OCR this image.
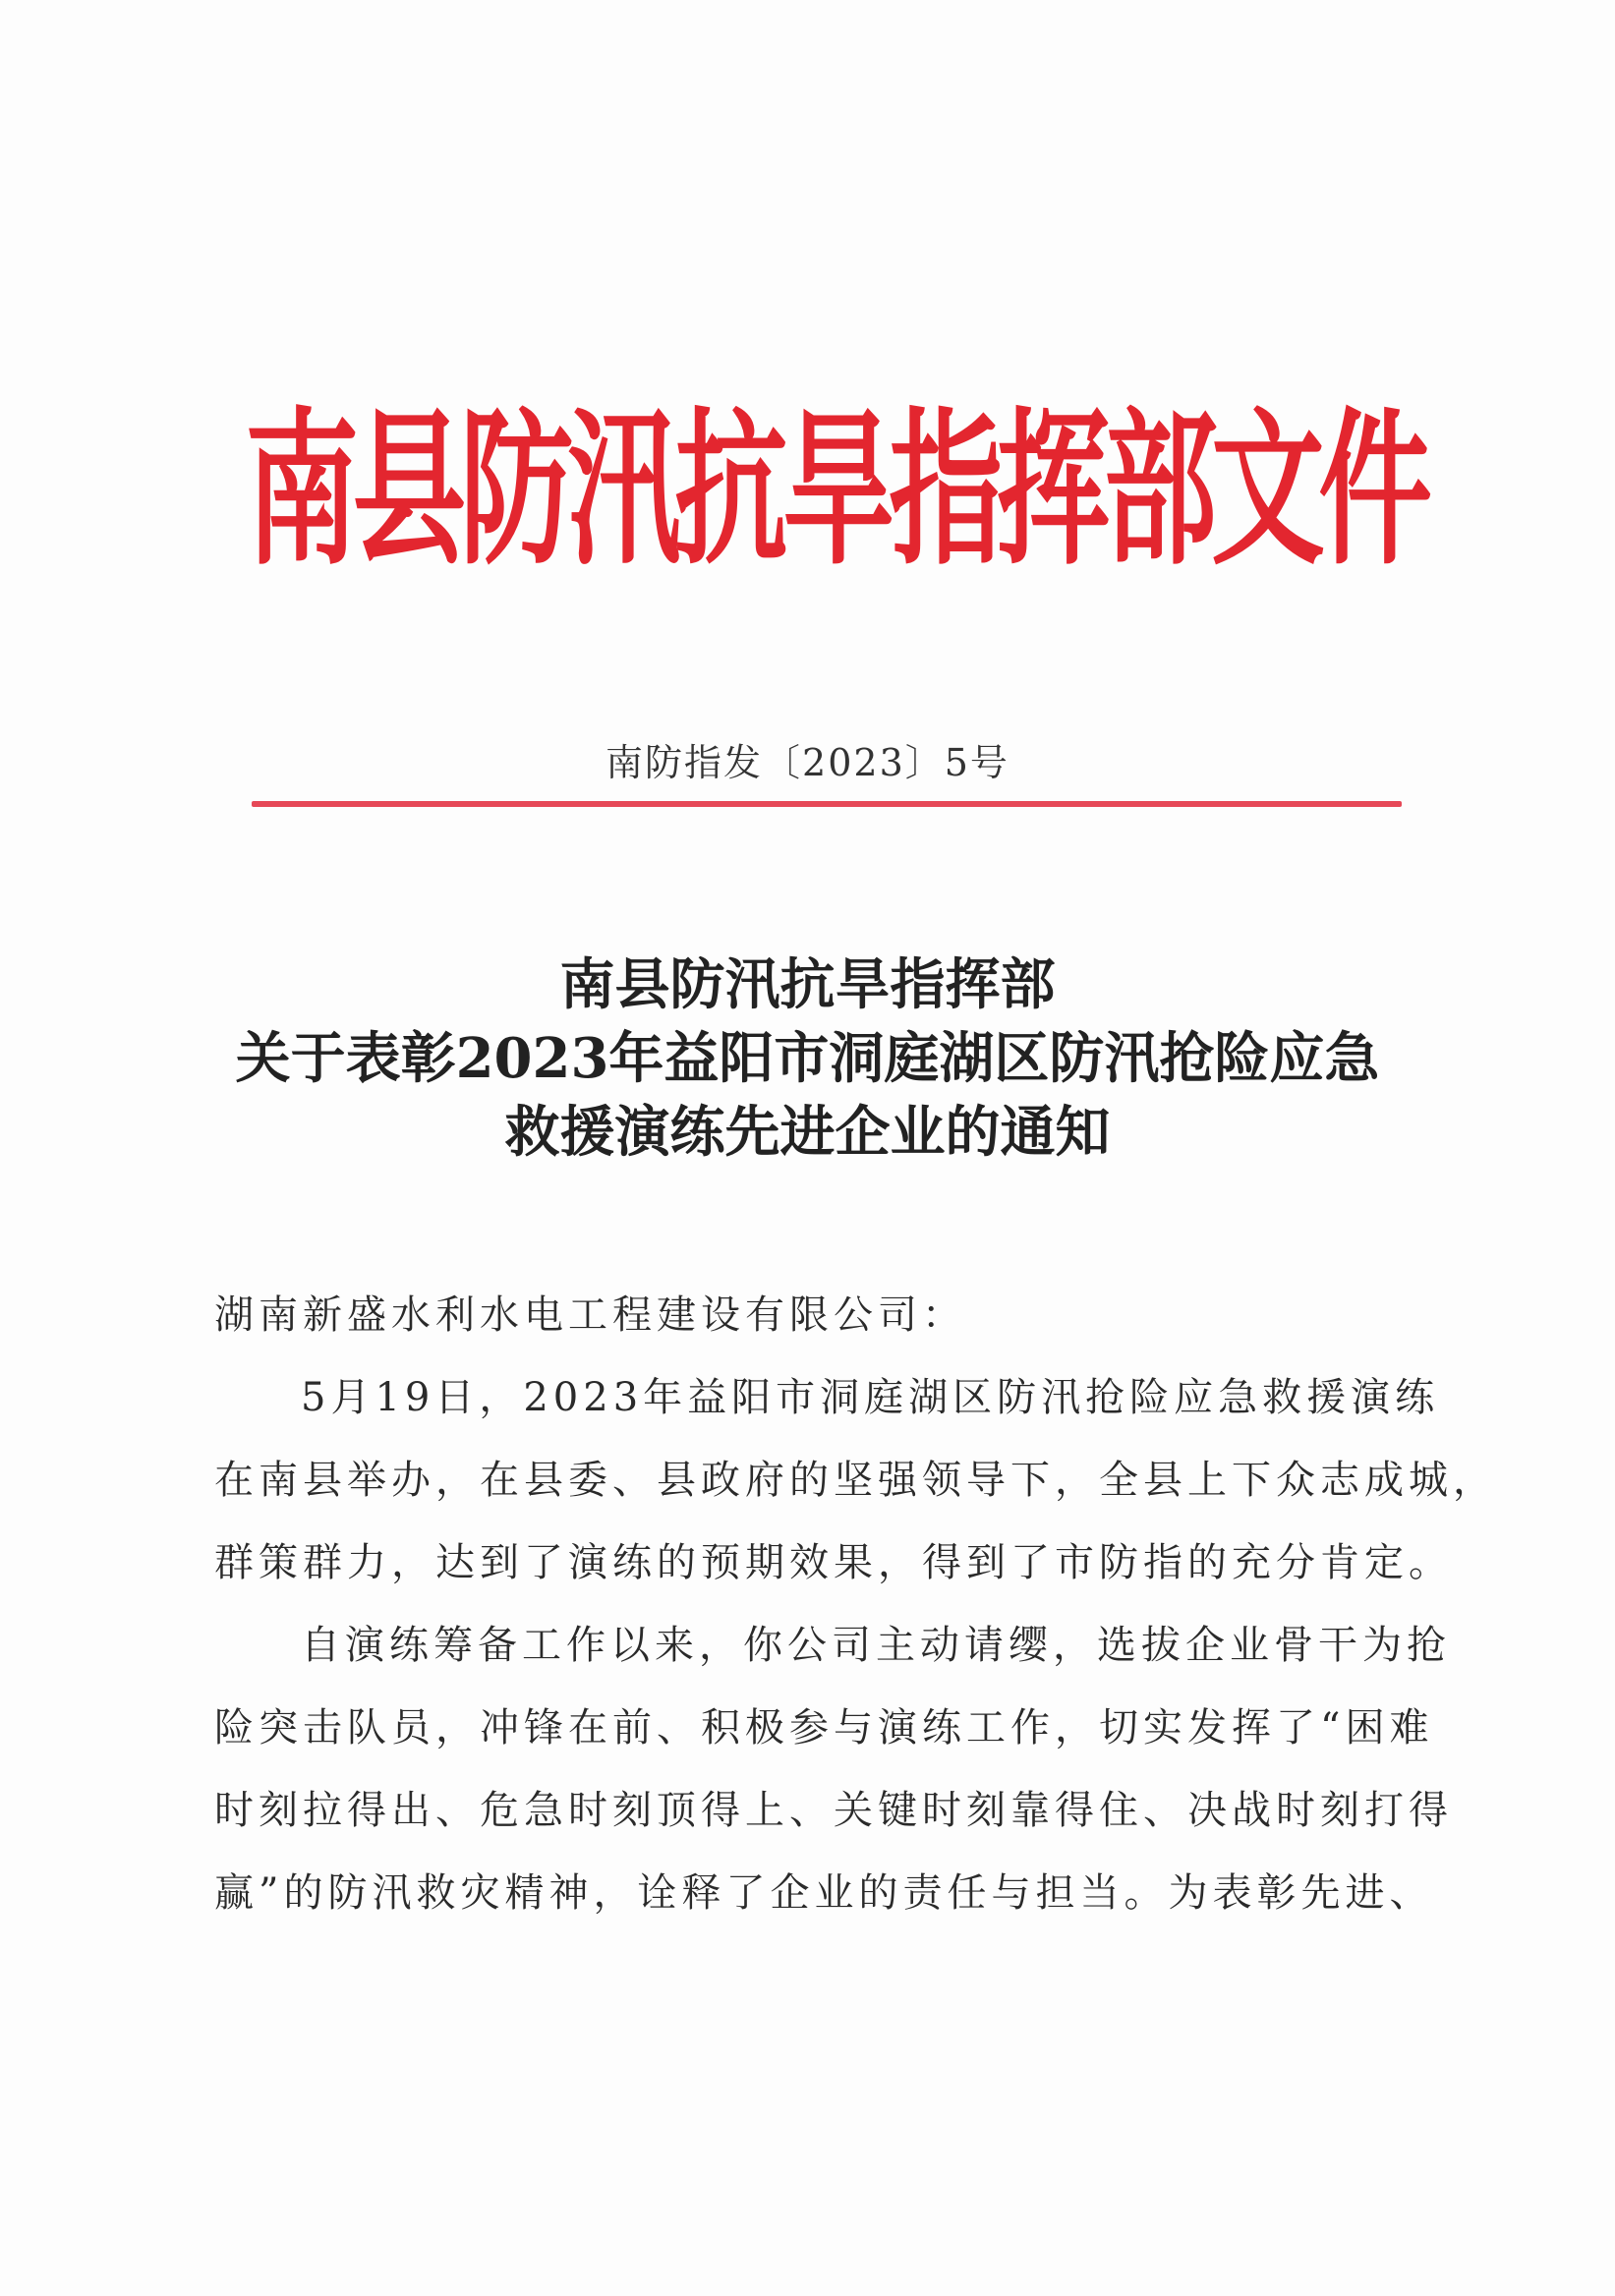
南县防汛抗旱指挥部文件
南防指发〔2023〕5号
南县防汛抗旱指挥部
关于表彰2023年益阳市洞庭湖区防汛抢险应急
救援演练先进企业的通知
湖南新盛水利水电工程建设有限公司：
5月19日，2023年益阳市洞庭湖区防汛抢险应急救援演练
在南县举办，在县委、县政府的坚强领导下，全县上下众志成城，
群策群力，达到了演练的预期效果，得到了市防指的充分肯定。
自演练筹备工作以来，你公司主动请缨，选拔企业骨干为抢
险突击队员，冲锋在前、积极参与演练工作，切实发挥了“困难
时刻拉得出、危急时刻顶得上、关键时刻靠得住、决战时刻打得
赢”的防汛救灾精神，诠释了企业的责任与担当。为表彰先进、
